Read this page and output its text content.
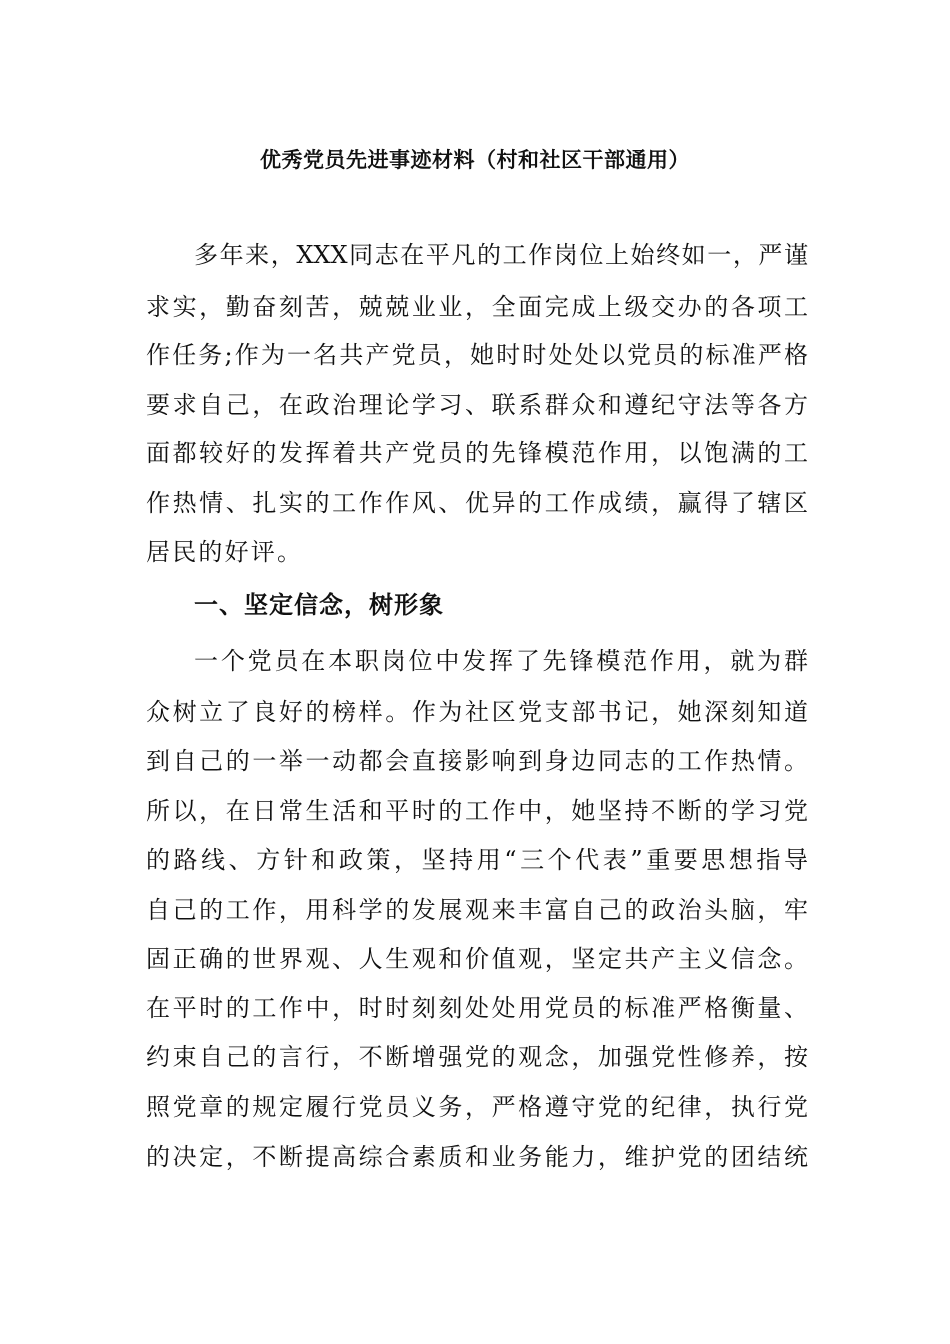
优秀党员先进事迹材料（村和社区干部通用）
多年来，XXX同志在平凡的工作岗位上始终如一，严谨
求实，勤奋刻苦，兢兢业业，全面完成上级交办的各项工
作任务;作为一名共产党员，她时时处处以党员的标准严格
要求自己，在政治理论学习、联系群众和遵纪守法等各方
面都较好的发挥着共产党员的先锋模范作用，以饱满的工
作热情、扎实的工作作风、优异的工作成绩，赢得了辖区
居民的好评。
一、坚定信念，树形象
一个党员在本职岗位中发挥了先锋模范作用，就为群
众树立了良好的榜样。作为社区党支部书记，她深刻知道
到自己的一举一动都会直接影响到身边同志的工作热情。
所以，在日常生活和平时的工作中，她坚持不断的学习党
的路线、方针和政策，坚持用“三个代表”重要思想指导
自己的工作，用科学的发展观来丰富自己的政治头脑，牢
固正确的世界观、人生观和价值观，坚定共产主义信念。
在平时的工作中，时时刻刻处处用党员的标准严格衡量、
约束自己的言行，不断增强党的观念，加强党性修养，按
照党章的规定履行党员义务，严格遵守党的纪律，执行党
的决定，不断提高综合素质和业务能力，维护党的团结统
